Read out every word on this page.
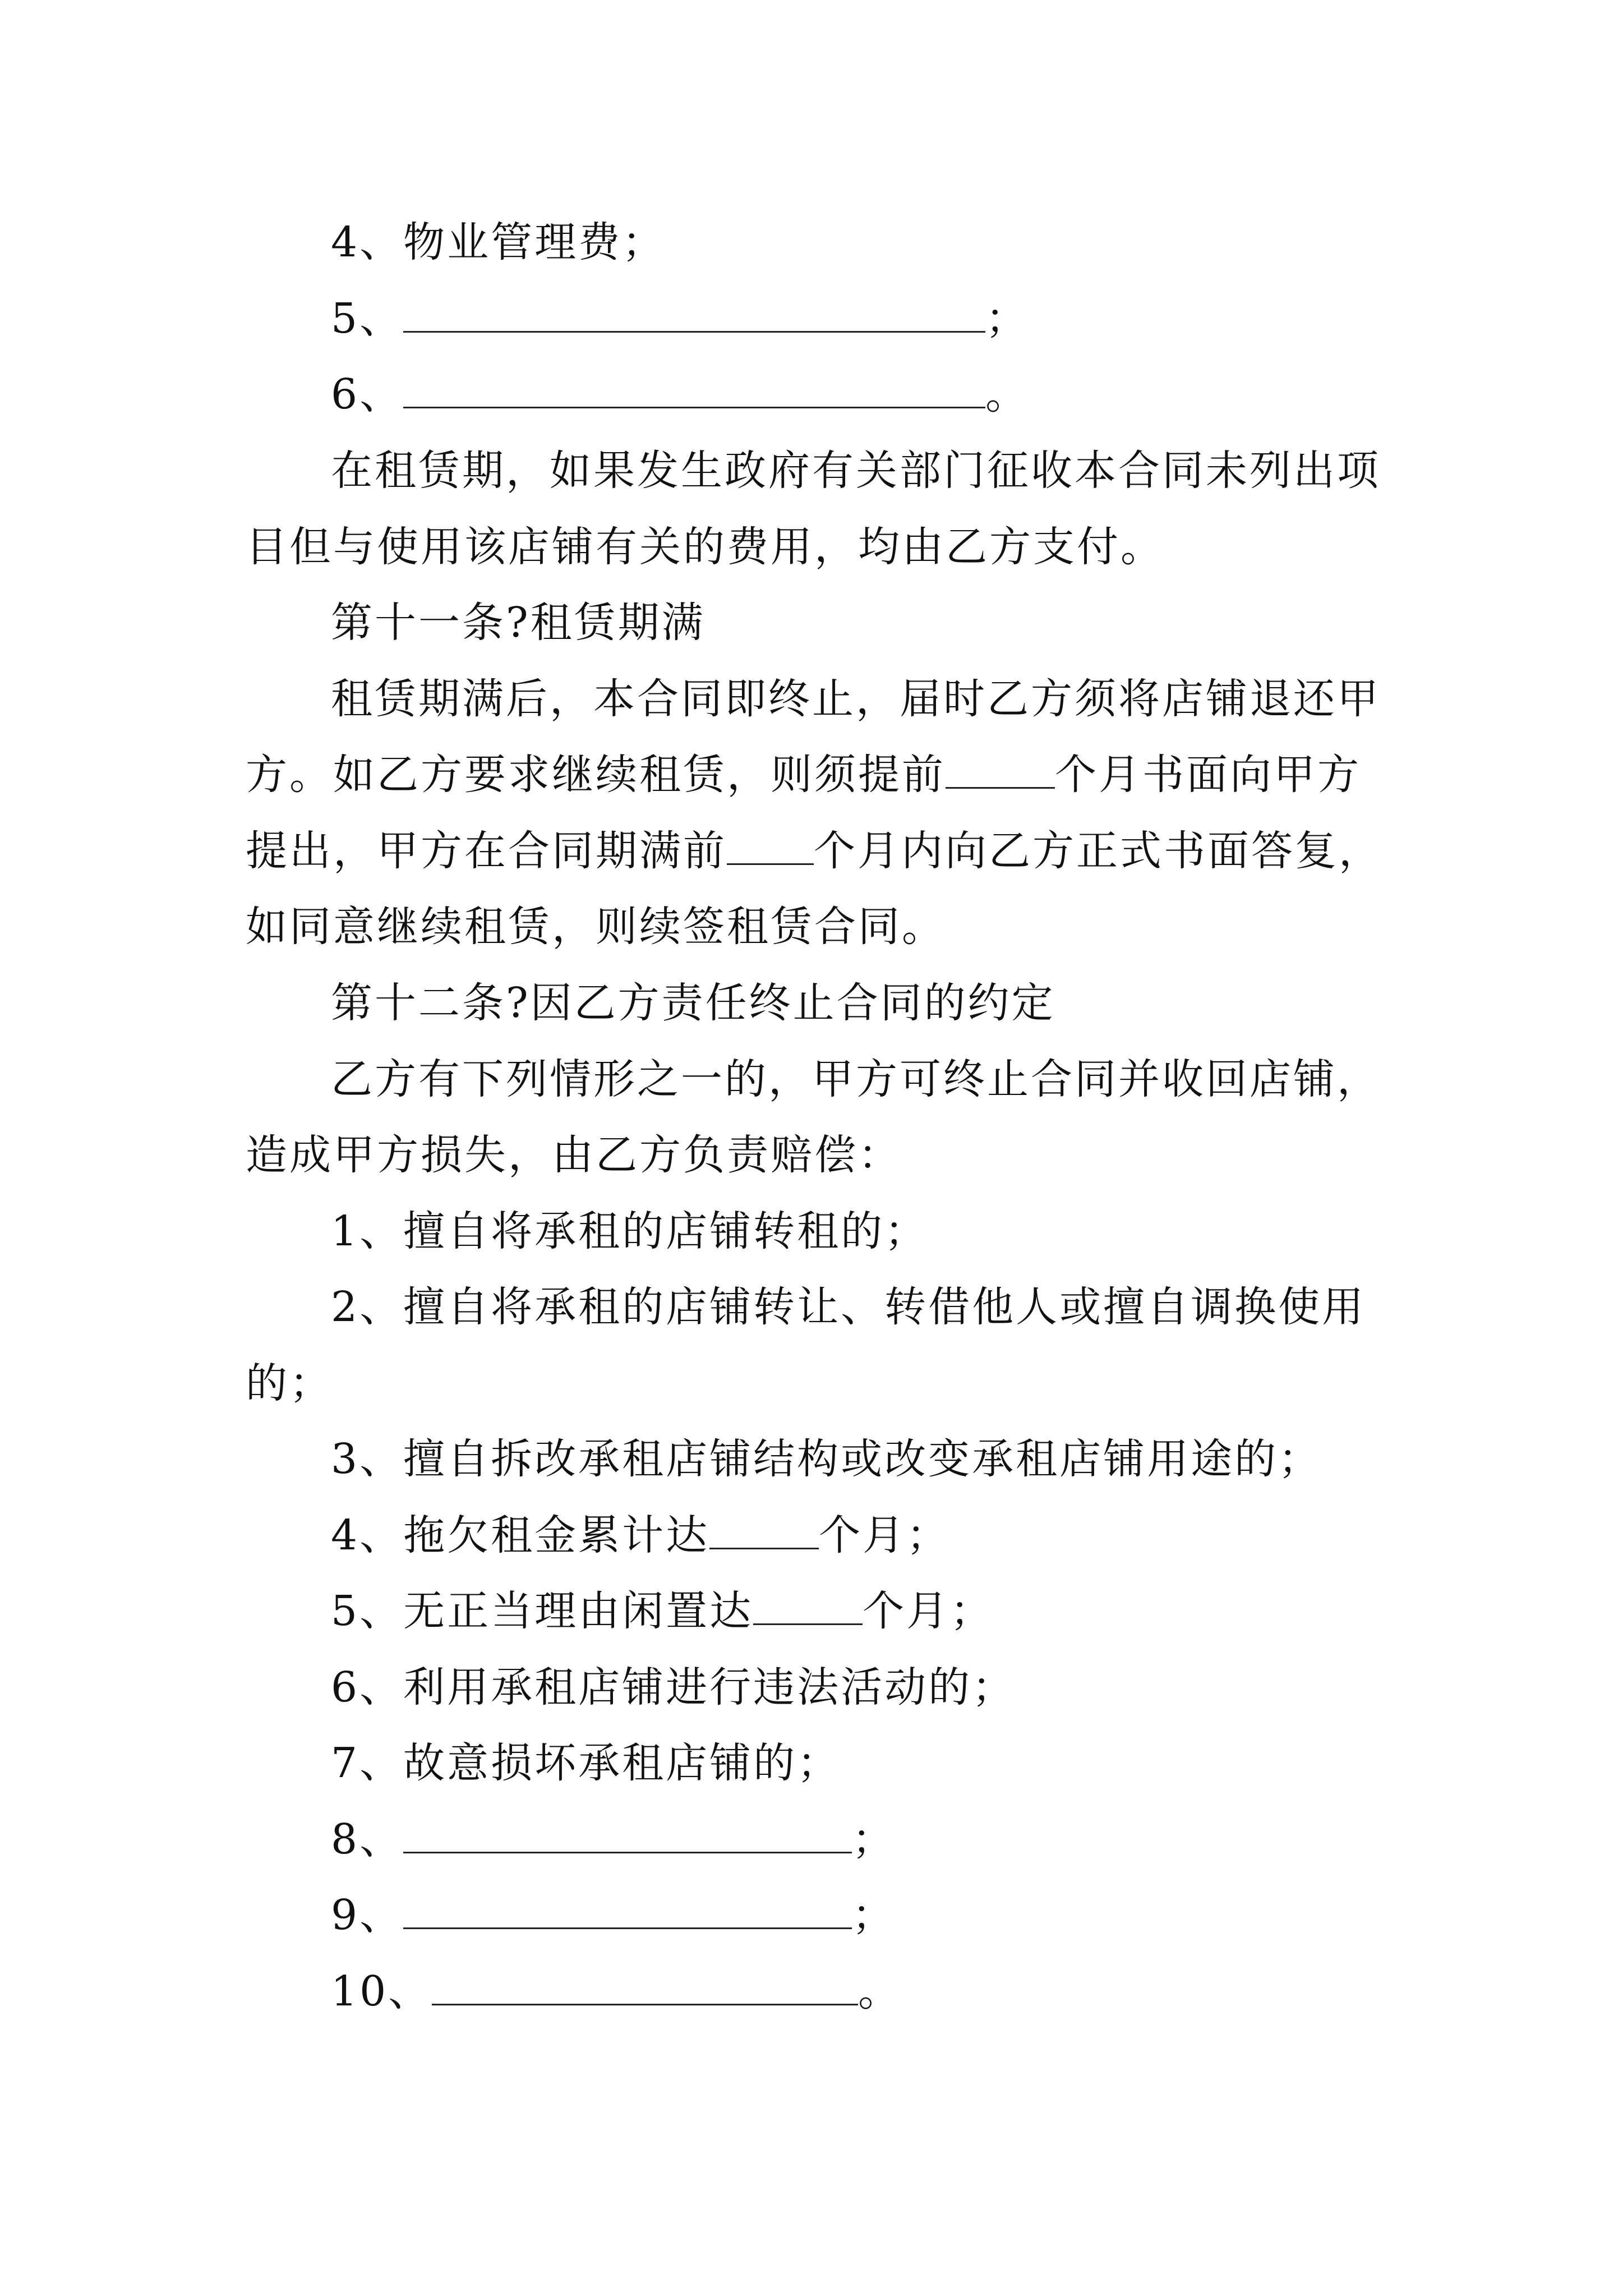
4、物业管理费；
5、	；
6、	。
在租赁期，如果发生政府有关部门征收本合同未列出项
目但与使用该店铺有关的费用，均由乙方支付。
第十一条?租赁期满
租赁期满后，本合同即终止，届时乙方须将店铺退还甲
方。如乙方要求继续租赁，则须提前	个月书面向甲方
提出，甲方在合同期满前 个月内向乙方正式书面答复，
如同意继续租赁，则续签租赁合同。
第十二条?因乙方责任终止合同的约定
乙方有下列情形之一的，甲方可终止合同并收回店铺，
造成甲方损失，由乙方负责赔偿：
1、擅自将承租的店铺转租的；
2、擅自将承租的店铺转让、转借他人或擅自调换使用
的；
3、擅自拆改承租店铺结构或改变承租店铺用途的；
4、拖欠租金累计达	个月；
5、无正当理由闲置达	个月；
6、利用承租店铺进行违法活动的；
7、故意损坏承租店铺的；
8、	；
9、	；
10、	。
